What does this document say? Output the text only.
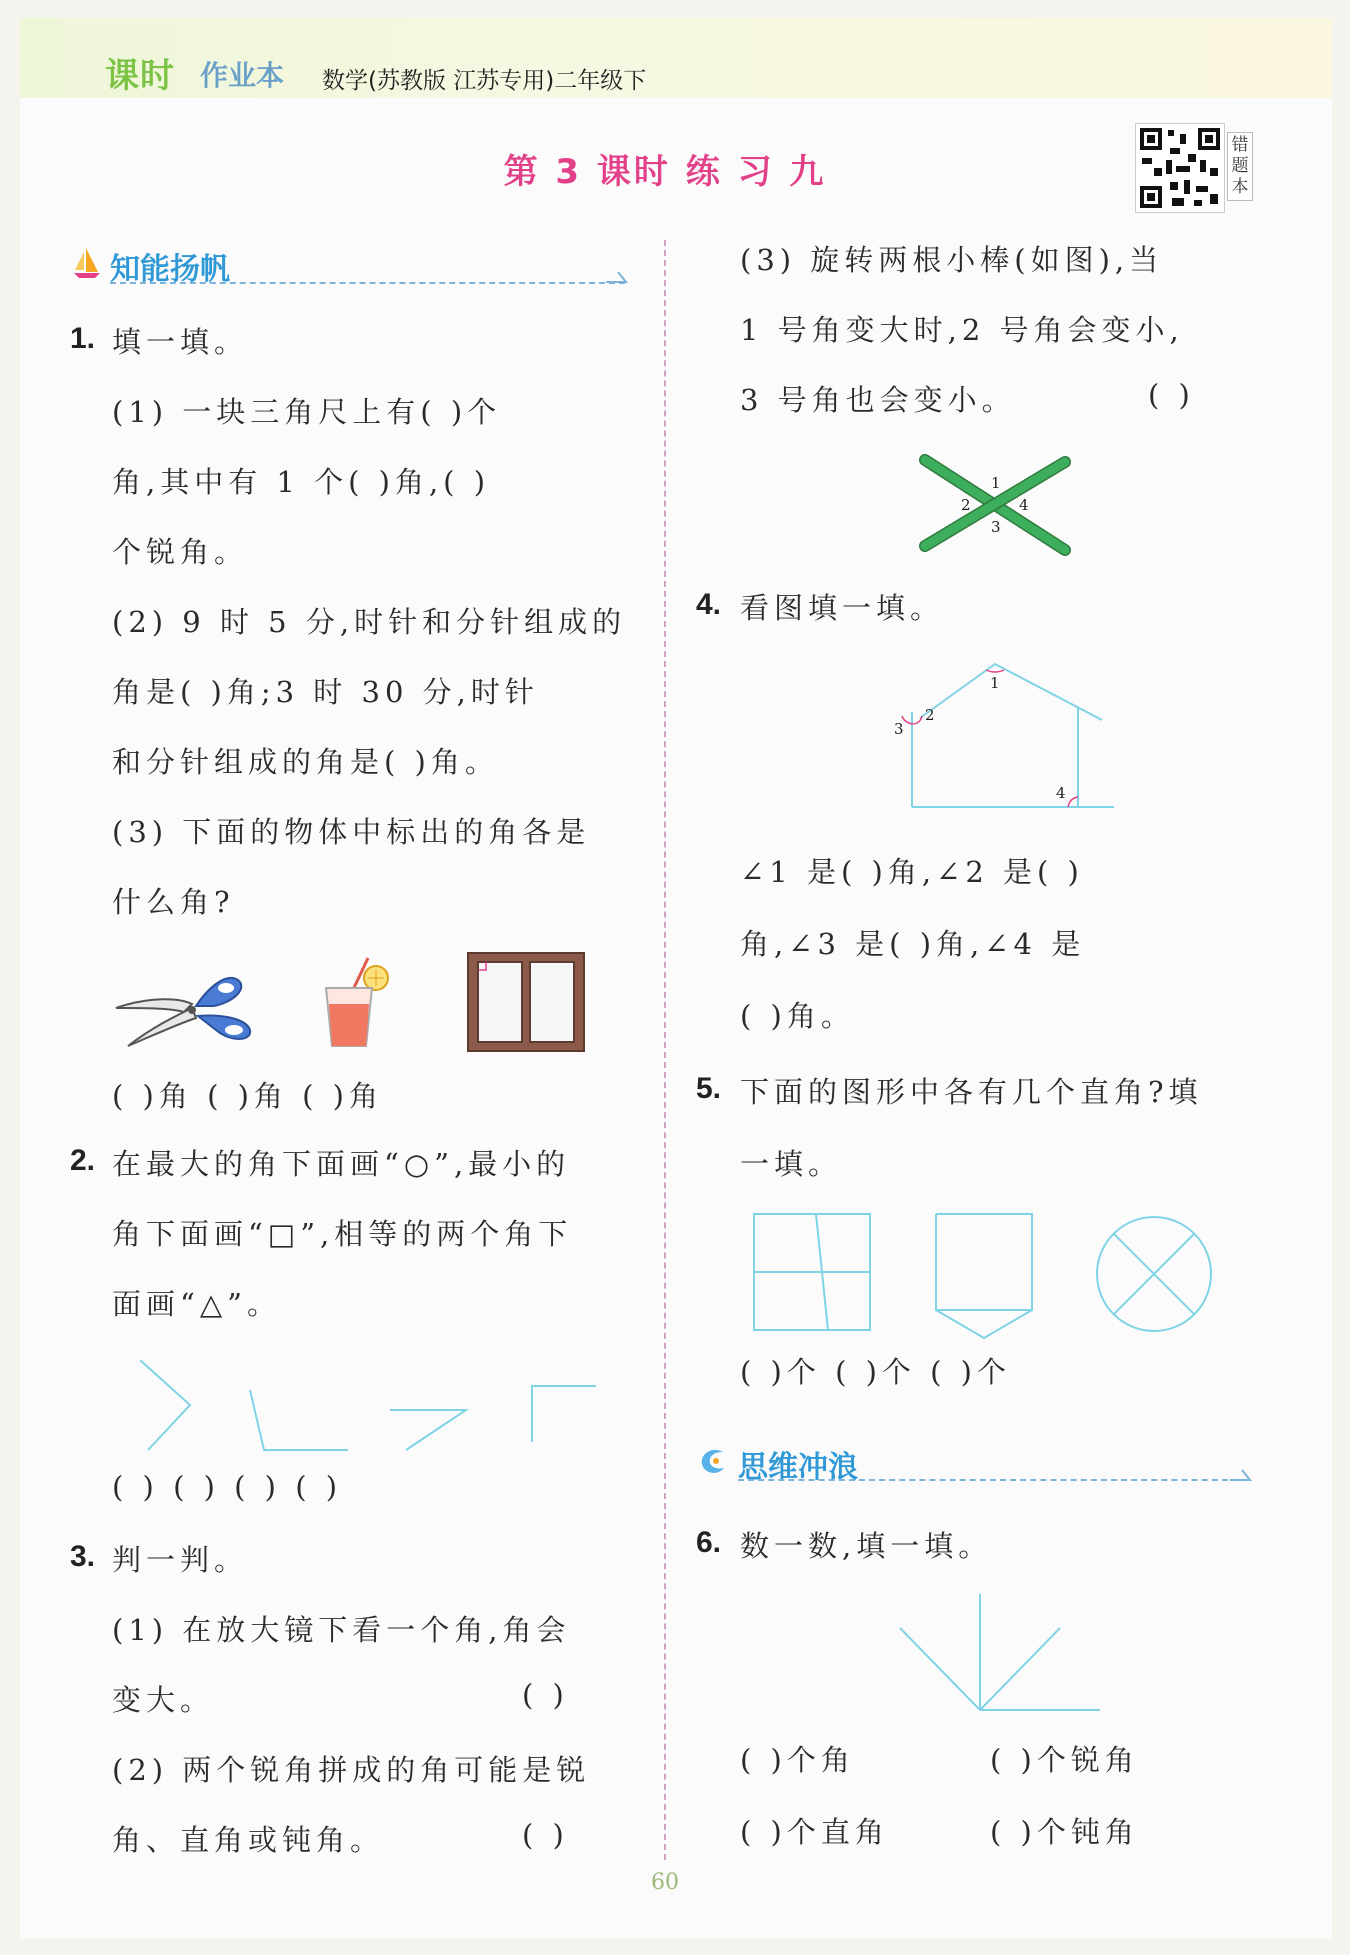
课时 作业本 数学(苏教版 江苏专用)二年级下
第 3 课时 练 习 九
错题本
知能扬帆
1. 填一填。
(1) 一块三角尺上有( )个
角,其中有 1 个( )角,( )
个锐角。
(2) 9 时 5 分,时针和分针组成的
角是( )角;3 时 30 分,时针
和分针组成的角是( )角。
(3) 下面的物体中标出的角各是
什么角?
( )角 ( )角 ( )角
2. 在最大的角下面画“○”,最小的
角下面画“□”,相等的两个角下
面画“△”。
( ) ( ) ( ) ( )
3. 判一判。
(1) 在放大镜下看一个角,角会
变大。	( )
(2) 两个锐角拼成的角可能是锐
角、直角或钝角。	( )
(3) 旋转两根小棒(如图),当
1 号角变大时,2 号角会变小,
3 号角也会变小。	( )
1
2
3
4
4. 看图填一填。
1
2
3
4
∠1 是( )角,∠2 是( )
角,∠3 是( )角,∠4 是
( )角。
5. 下面的图形中各有几个直角?填
一填。
( )个 ( )个 ( )个
思维冲浪
6. 数一数,填一填。
( )个角	( )个锐角
( )个直角	( )个钝角
60
